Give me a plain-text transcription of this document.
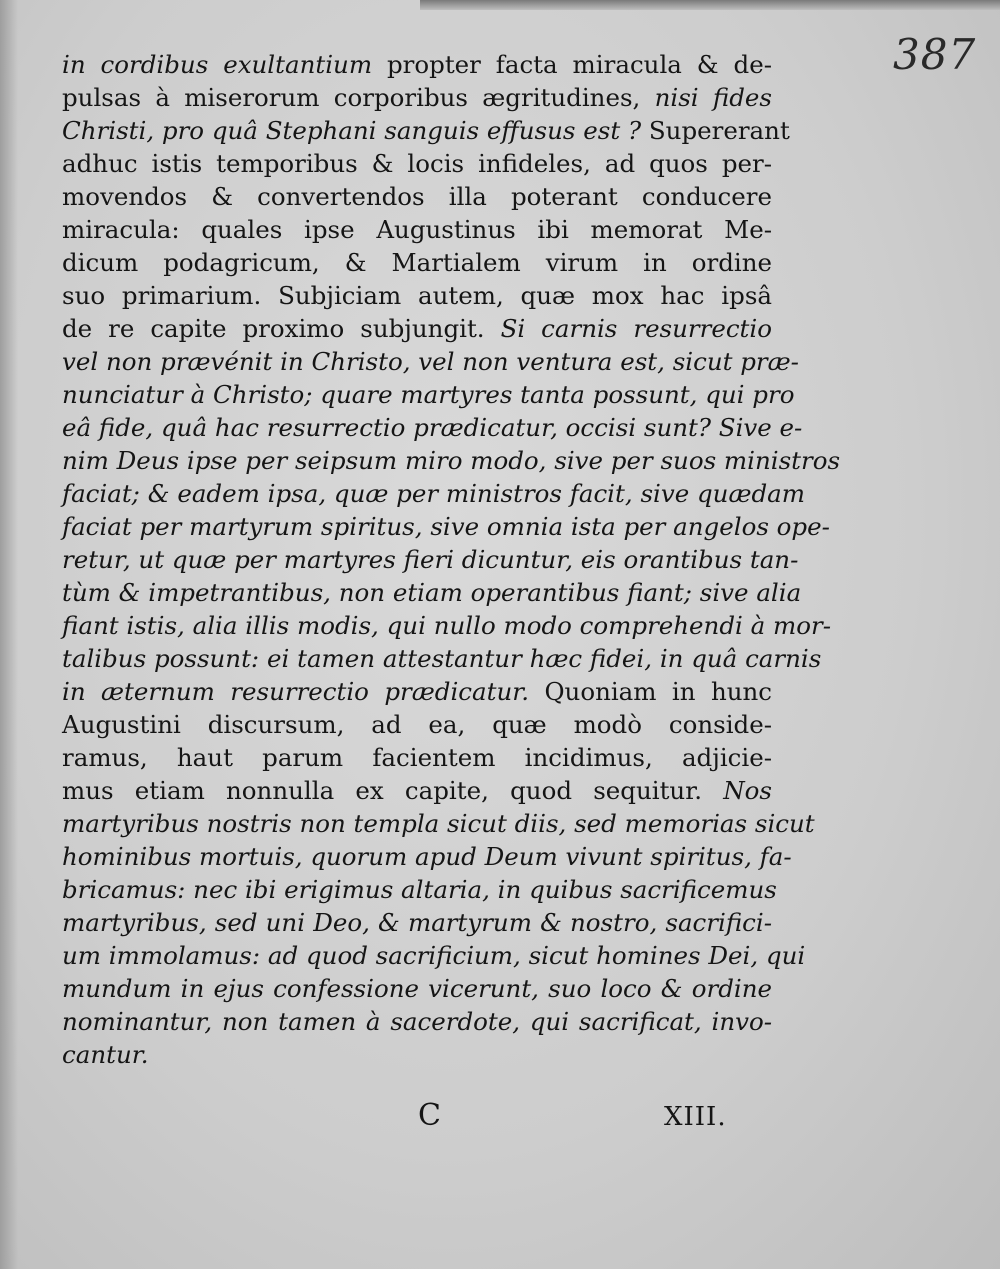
387
in cordibus exultantium propter facta miracula & de-
pulsas à miserorum corporibus ægritudines, nisi fides
Christi, pro quâ Stephani sanguis effusus est ? Supererant
adhuc istis temporibus & locis infideles, ad quos per-
movendos & convertendos illa poterant conducere
miracula: quales ipse Augustinus ibi memorat Me-
dicum podagricum, & Martialem virum in ordine
suo primarium. Subjiciam autem, quæ mox hac ipsâ
de re capite proximo subjungit. Si carnis resurrectio
vel non prævénit in Christo, vel non ventura est, sicut præ-
nunciatur à Christo; quare martyres tanta possunt, qui pro
eâ fide, quâ hac resurrectio prædicatur, occisi sunt? Sive e-
nim Deus ipse per seipsum miro modo, sive per suos ministros
faciat; & eadem ipsa, quæ per ministros facit, sive quædam
faciat per martyrum spiritus, sive omnia ista per angelos ope-
retur, ut quæ per martyres fieri dicuntur, eis orantibus tan-
tùm & impetrantibus, non etiam operantibus fiant; sive alia
fiant istis, alia illis modis, qui nullo modo comprehendi à mor-
talibus possunt: ei tamen attestantur hæc fidei, in quâ carnis
in æternum resurrectio prædicatur. Quoniam in hunc
Augustini discursum, ad ea, quæ modò conside-
ramus, haut parum facientem incidimus, adjicie-
mus etiam nonnulla ex capite, quod sequitur. Nos
martyribus nostris non templa sicut diis, sed memorias sicut
hominibus mortuis, quorum apud Deum vivunt spiritus, fa-
bricamus: nec ibi erigimus altaria, in quibus sacrificemus
martyribus, sed uni Deo, & martyrum & nostro, sacrifici-
um immolamus: ad quod sacrificium, sicut homines Dei, qui
mundum in ejus confessione vicerunt, suo loco & ordine
nominantur, non tamen à sacerdote, qui sacrificat, invo-
cantur.
C	XIII.
